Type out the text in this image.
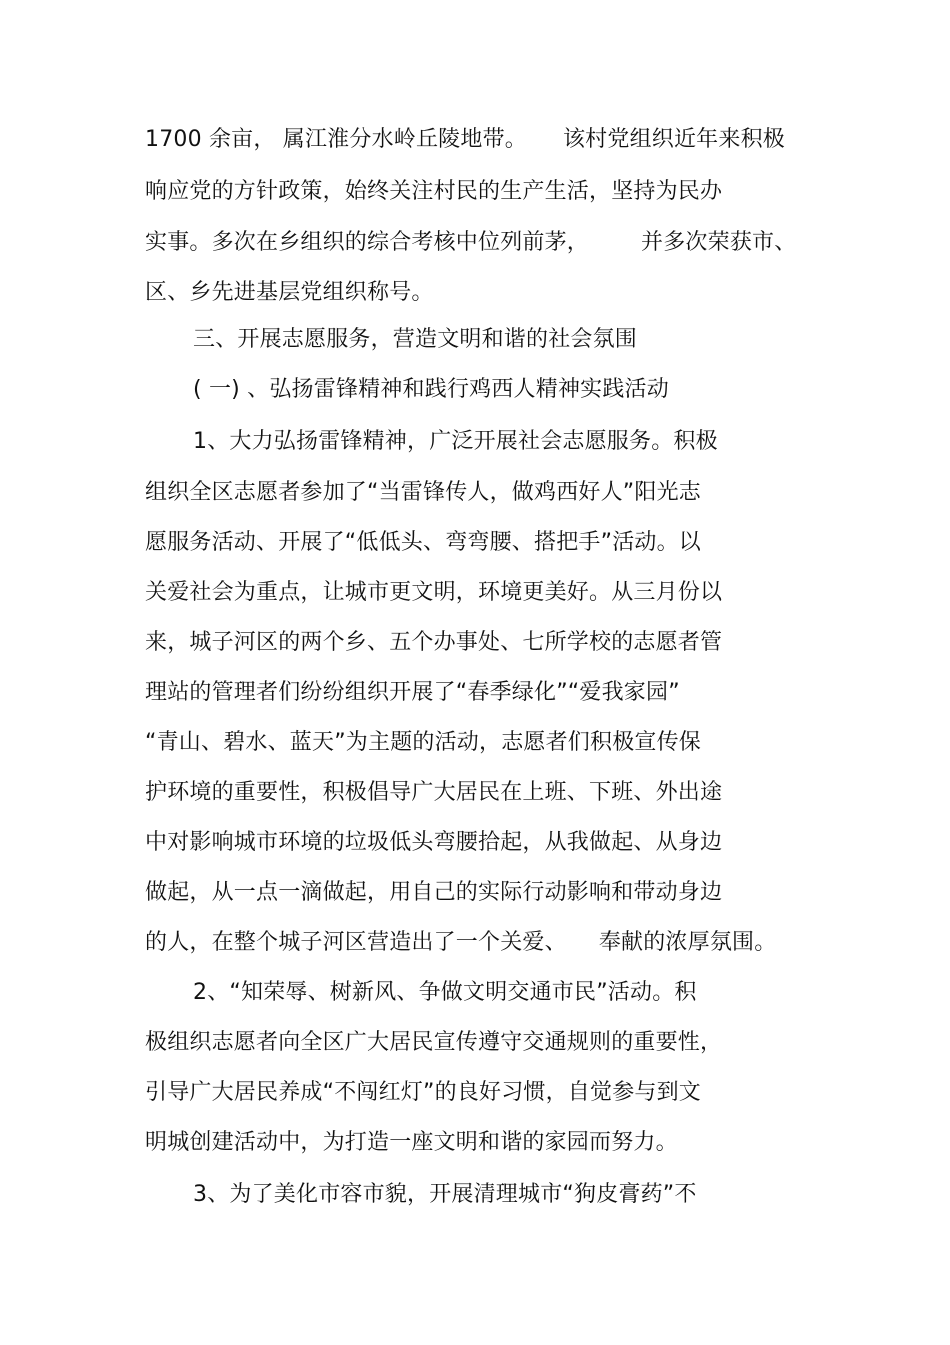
1700 余亩， 属江淮分水岭丘陵地带。 该村党组织近年来积极
响应党的方针政策，始终关注村民的生产生活，坚持为民办
实事。多次在乡组织的综合考核中位列前茅， 并多次荣获市、
区、乡先进基层党组织称号。
三、开展志愿服务，营造文明和谐的社会氛围
( 一) 、弘扬雷锋精神和践行鸡西人精神实践活动
1、大力弘扬雷锋精神，广泛开展社会志愿服务。积极
组织全区志愿者参加了“当雷锋传人，做鸡西好人”阳光志
愿服务活动、开展了“低低头、弯弯腰、搭把手”活动。以
关爱社会为重点，让城市更文明，环境更美好。从三月份以
来，城子河区的两个乡、五个办事处、七所学校的志愿者管
理站的管理者们纷纷组织开展了“春季绿化”“爱我家园”
“青山、碧水、蓝天”为主题的活动，志愿者们积极宣传保
护环境的重要性，积极倡导广大居民在上班、下班、外出途
中对影响城市环境的垃圾低头弯腰拾起，从我做起、从身边
做起，从一点一滴做起，用自己的实际行动影响和带动身边
的人，在整个城子河区营造出了一个关爱、 奉献的浓厚氛围。
2、“知荣辱、树新风、争做文明交通市民”活动。积
极组织志愿者向全区广大居民宣传遵守交通规则的重要性，
引导广大居民养成“不闯红灯”的良好习惯，自觉参与到文
明城创建活动中，为打造一座文明和谐的家园而努力。
3、为了美化市容市貌，开展清理城市“狗皮膏药”不
